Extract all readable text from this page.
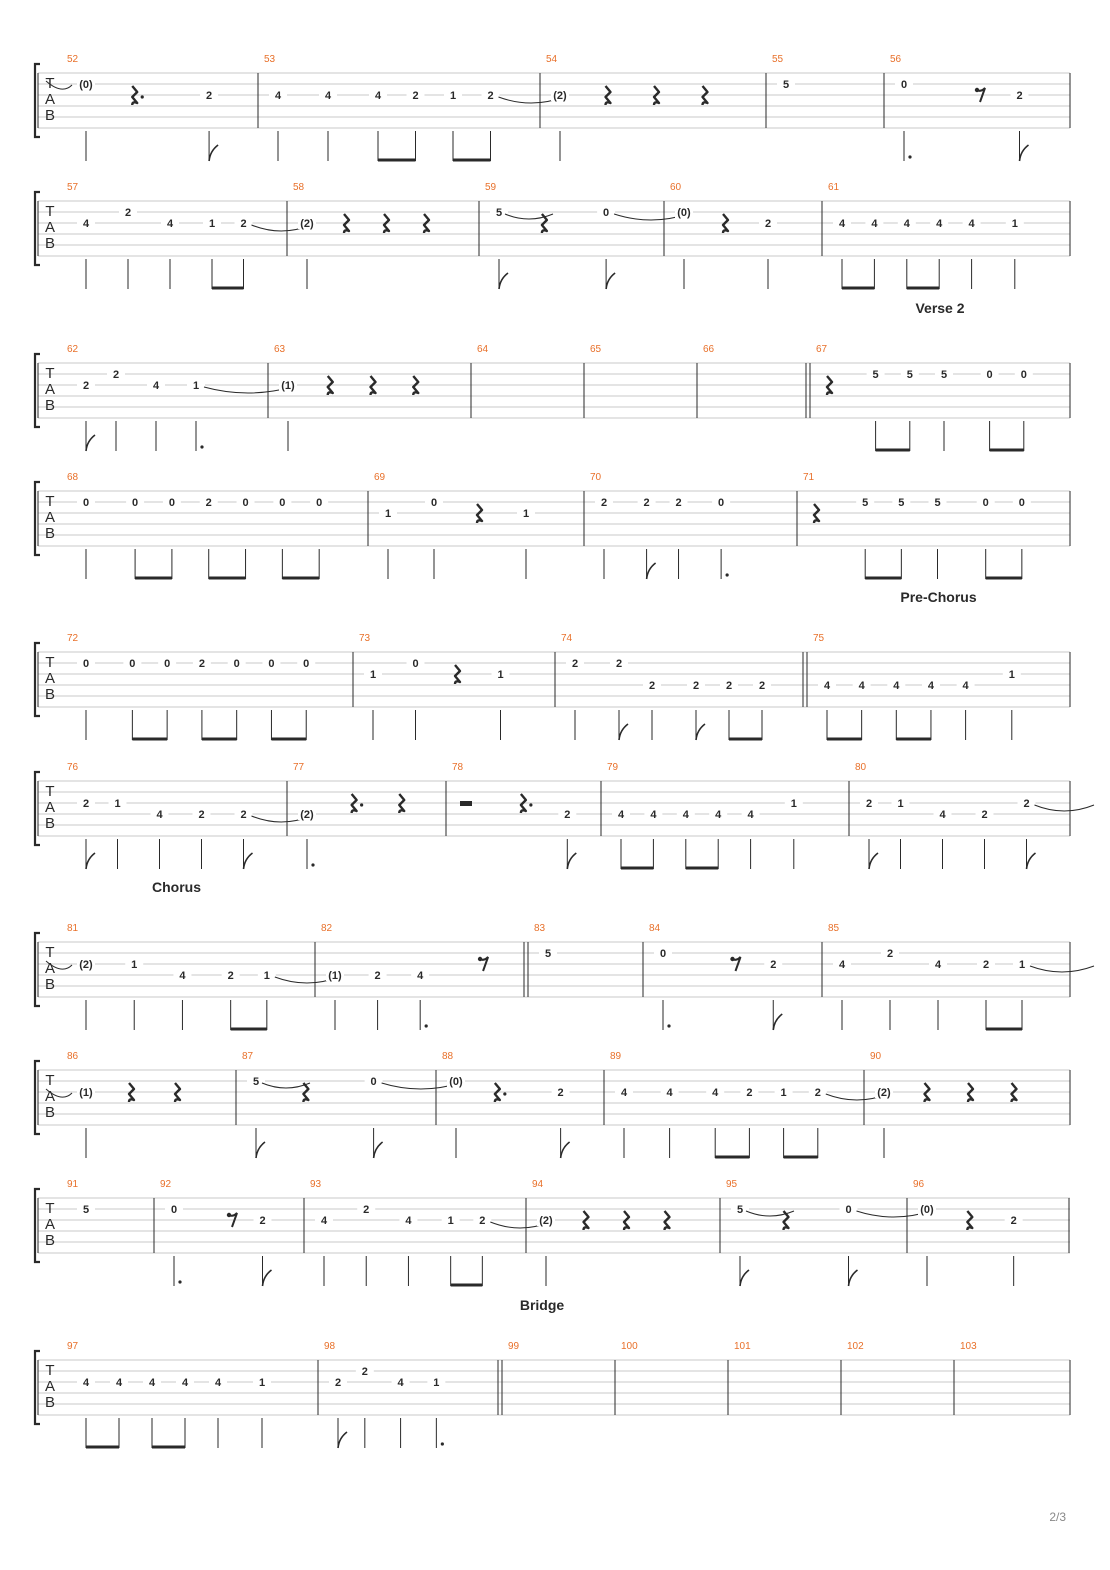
T
A
B
52
(0)
2
53
4	4	4	2	1	2
54
(2)
55
5
56
0
2
T
A
B
57
4
2
4	1 2
58
(2)
59
5	0
60
(0)
2
61
4 4 4 4 4	1
T
A
B
62
2
2
4	1
63
(1)
64	65	66	67
Verse 2
5	5	5	0	0
T
A
B
68
0	0	0	2	0	0	0
69
1
0
1
70
2	2 2	0
71
5	5	5	0	0
T
A
B
72
0	0	0	2	0	0	0
73
1
0
1
74
2	2
2	2 2 2
75
Pre-Chorus
4	4	4	4	4
1
T
A
B
76
2 1
4	2	2
77
(2)
78
2
79
4 4 4 4 4
1
80
2 1
4	2
2
T
A
B
81
Chorus
(2)	1
4	2	1
82
(1)	2	4
83
5
84
0
2
85
4
2
4	2	1
T
A
B
86
(1)
87
5	0
88
(0)
2
89
4	4	4	2	1	2
90
(2)
T
A
B
91
5
92
0
2
93
4
2
4	1 2
94
(2)
95
5	0
96
(0)
2
T
A
B
97
4 4 4 4 4	1
98
2
2
4	1
99
Bridge
100	101	102	103
2/3
